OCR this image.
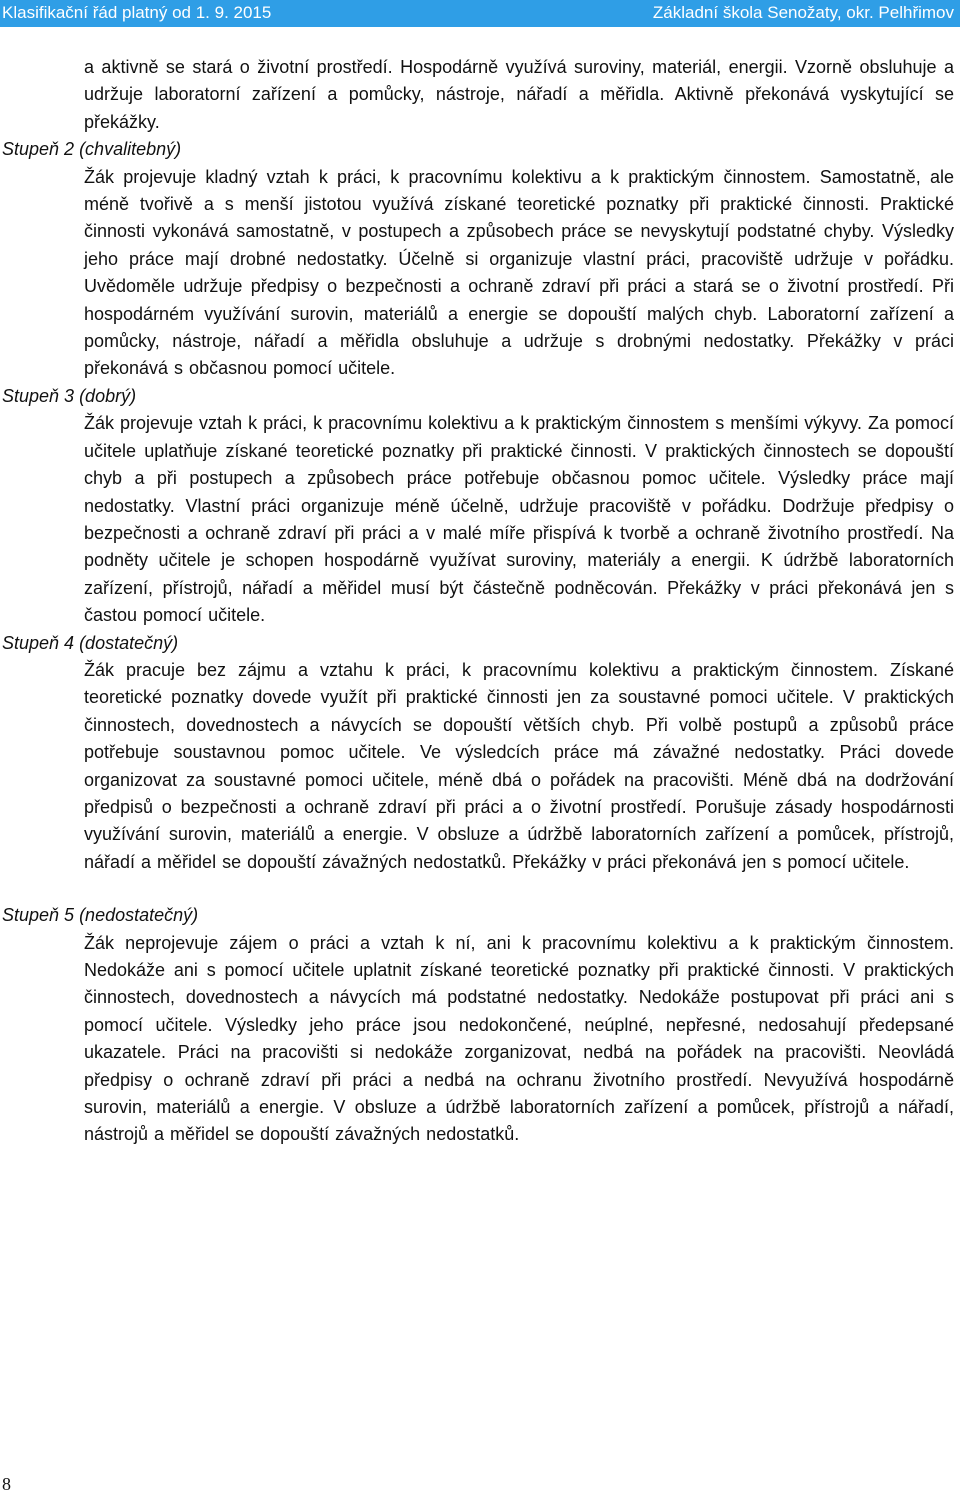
Klasifikační řád platný od 1. 9. 2015	Základní škola Senožaty, okr. Pelhřimov

a aktivně se stará o životní prostředí. Hospodárně využívá suroviny, materiál, energii. Vzorně obsluhuje a udržuje laboratorní zařízení a pomůcky, nástroje, nářadí a měřidla. Aktivně překonává vyskytující se překážky.

Stupeň 2 (chvalitebný)

Žák projevuje kladný vztah k práci, k pracovnímu kolektivu a k praktickým činnostem. Samostatně, ale méně tvořivě a s menší jistotou využívá získané teoretické poznatky při praktické činnosti. Praktické činnosti vykonává samostatně, v postupech a způsobech práce se nevyskytují podstatné chyby. Výsledky jeho práce mají drobné nedostatky. Účelně si organizuje vlastní práci, pracoviště udržuje v pořádku. Uvědoměle udržuje předpisy o bezpečnosti a ochraně zdraví při práci a stará se o životní prostředí. Při hospodárném využívání surovin, materiálů a energie se dopouští malých chyb. Laboratorní zařízení a pomůcky, nástroje, nářadí a měřidla obsluhuje a udržuje s drobnými nedostatky. Překážky v práci překonává s občasnou pomocí učitele.

Stupeň 3 (dobrý)

Žák projevuje vztah k práci, k pracovnímu kolektivu a k praktickým činnostem s menšími výkyvy. Za pomocí učitele uplatňuje získané teoretické poznatky při praktické činnosti. V praktických činnostech se dopouští chyb a při postupech a způsobech práce potřebuje občasnou pomoc učitele. Výsledky práce mají nedostatky. Vlastní práci organizuje méně účelně, udržuje pracoviště v pořádku. Dodržuje předpisy o bezpečnosti a ochraně zdraví při práci a v malé míře přispívá k tvorbě a ochraně životního prostředí. Na podněty učitele je schopen hospodárně využívat suroviny, materiály a energii. K údržbě laboratorních zařízení, přístrojů, nářadí a měřidel musí být částečně podněcován. Překážky v práci překonává jen s častou pomocí učitele.

Stupeň 4 (dostatečný)

Žák pracuje bez zájmu a vztahu k práci, k pracovnímu kolektivu a praktickým činnostem. Získané teoretické poznatky dovede využít při praktické činnosti jen za soustavné pomoci učitele. V praktických činnostech, dovednostech a návycích se dopouští větších chyb. Při volbě postupů a způsobů práce potřebuje soustavnou pomoc učitele. Ve výsledcích práce má závažné nedostatky. Práci dovede organizovat za soustavné pomoci učitele, méně dbá o pořádek na pracovišti. Méně dbá na dodržování předpisů o bezpečnosti a ochraně zdraví při práci a o životní prostředí. Porušuje zásady hospodárnosti využívání surovin, materiálů a energie. V obsluze a údržbě laboratorních zařízení a pomůcek, přístrojů, nářadí a měřidel se dopouští závažných nedostatků. Překážky v práci překonává jen s pomocí učitele.

Stupeň 5 (nedostatečný)

Žák neprojevuje zájem o práci a vztah k ní, ani k pracovnímu kolektivu a k praktickým činnostem. Nedokáže ani s pomocí učitele uplatnit získané teoretické poznatky při praktické činnosti. V praktických činnostech, dovednostech a návycích má podstatné nedostatky. Nedokáže postupovat při práci ani s pomocí učitele. Výsledky jeho práce jsou nedokončené, neúplné, nepřesné, nedosahují předepsané ukazatele. Práci na pracovišti si nedokáže zorganizovat, nedbá na pořádek na pracovišti. Neovládá předpisy o ochraně zdraví při práci a nedbá na ochranu životního prostředí. Nevyužívá hospodárně surovin, materiálů a energie. V obsluze a údržbě laboratorních zařízení a pomůcek, přístrojů a nářadí, nástrojů a měřidel se dopouští závažných nedostatků.

8
